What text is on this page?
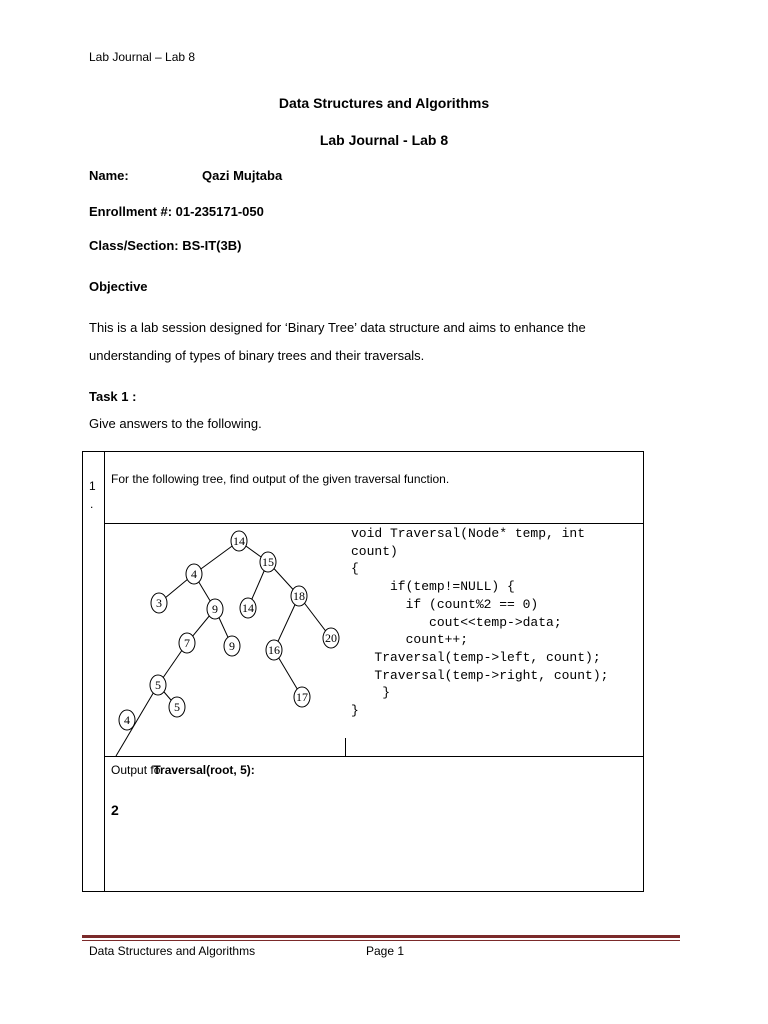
Lab Journal – Lab 8
Data Structures and Algorithms
Lab Journal - Lab 8
Name:	Qazi Mujtaba
Enrollment #: 01-235171-050
Class/Section: BS-IT(3B)
Objective
This is a lab session designed for ‘Binary Tree’ data structure and aims to enhance the
understanding of types of binary trees and their traversals.
Task 1 :
Give answers to the following.
1
.
For the following tree, find output of the given traversal function.
14
4
15
3	9 14
18
7	9	16
20
5
17
4
5
void Traversal(Node* temp, int
count)
{
if(temp!=NULL) {
if (count%2 == 0)
cout<<temp->data;
count++;
Traversal(temp->left, count);
Traversal(temp->right, count);
}
}
Output foTraversal(root, 5):
2
Data Structures and Algorithms	Page 1
